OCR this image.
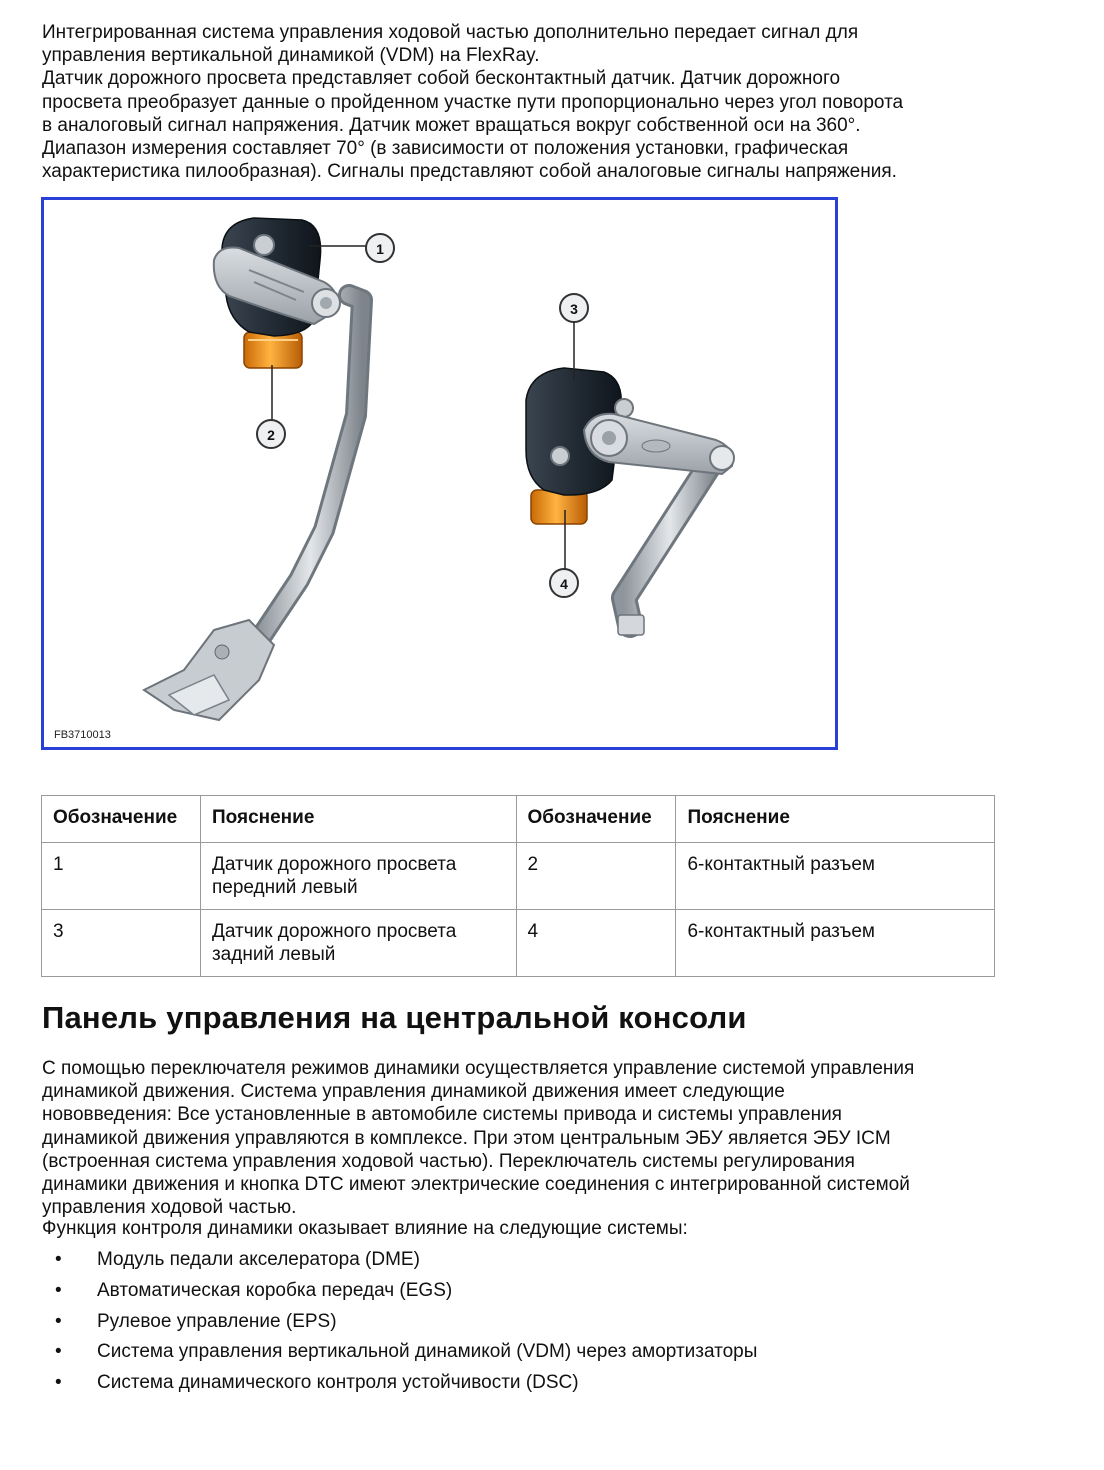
Интегрированная система управления ходовой частью дополнительно передает сигнал для
управления вертикальной динамикой (VDM) на FlexRay.
Датчик дорожного просвета представляет собой бесконтактный датчик. Датчик дорожного
просвета преобразует данные о пройденном участке пути пропорционально через угол поворота
в аналоговый сигнал напряжения. Датчик может вращаться вокруг собственной оси на 360°.
Диапазон измерения составляет 70° (в зависимости от положения установки, графическая
характеристика пилообразная). Сигналы представляют собой аналоговые сигналы напряжения.
1
2
3
4
FB3710013
Обозначение	Пояснение	Обозначение	Пояснение
1	Датчик дорожного просвета передний левый	2	6-контактный разъем
3	Датчик дорожного просвета задний левый	4	6-контактный разъем
Панель управления на центральной консоли
С помощью переключателя режимов динамики осуществляется управление системой управления
динамикой движения. Система управления динамикой движения имеет следующие
нововведения: Все установленные в автомобиле системы привода и системы управления
динамикой движения управляются в комплексе. При этом центральным ЭБУ является ЭБУ ICM
(встроенная система управления ходовой частью). Переключатель системы регулирования
динамики движения и кнопка DTC имеют электрические соединения с интегрированной системой
управления ходовой частью.
Функция контроля динамики оказывает влияние на следующие системы:
• Модуль педали акселератора (DME)
• Автоматическая коробка передач (EGS)
• Рулевое управление (EPS)
• Система управления вертикальной динамикой (VDM) через амортизаторы
• Система динамического контроля устойчивости (DSC)
